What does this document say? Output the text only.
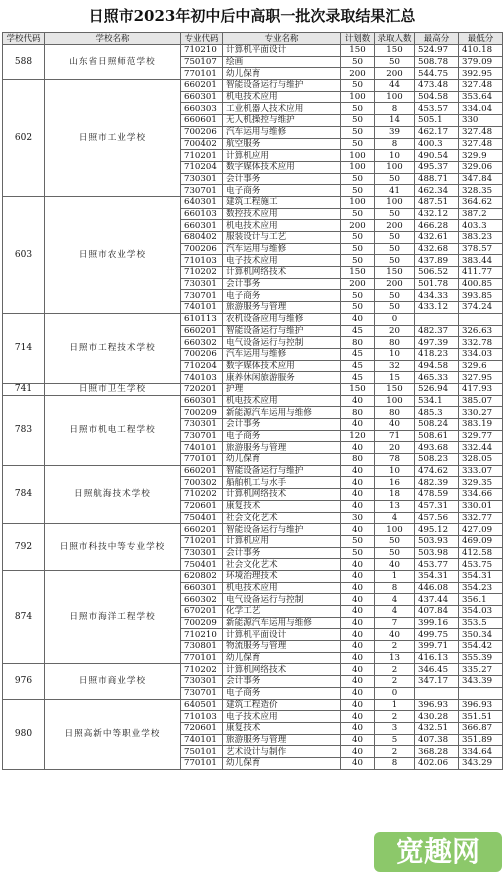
日照市2023年初中后中高职一批次录取结果汇总
学校代码	学校名称	专业代码	专业名称	计划数	录取人数	最高分	最低分
588	山东省日照师范学校	710210	计算机平面设计	150	150	524.97	410.18
		750107	绘画	50	50	508.78	379.09
		770101	幼儿保育	200	200	544.75	392.95
602	日照市工业学校	660201	智能设备运行与维护	50	44	473.48	327.48
		660301	机电技术应用	100	100	504.58	353.64
		660303	工业机器人技术应用	50	8	453.57	334.04
		660601	无人机操控与维护	50	14	505.1	330
		700206	汽车运用与维修	50	39	462.17	327.48
		700402	航空服务	50	8	400.3	327.48
		710201	计算机应用	100	10	490.54	329.9
		710204	数字媒体技术应用	100	100	495.37	329.06
		730301	会计事务	50	50	488.71	347.84
		730701	电子商务	50	41	462.34	328.35
603	日照市农业学校	640301	建筑工程施工	100	100	487.51	364.62
		660103	数控技术应用	50	50	432.12	387.2
		660301	机电技术应用	200	200	466.28	403.3
		680402	服装设计与工艺	50	50	432.61	383.23
		700206	汽车运用与维修	50	50	432.68	378.57
		710103	电子技术应用	50	50	437.89	383.44
		710202	计算机网络技术	150	150	506.52	411.77
		730301	会计事务	200	200	501.78	400.85
		730701	电子商务	50	50	434.33	393.85
		740101	旅游服务与管理	50	50	433.12	374.24
714	日照市工程技术学校	610113	农机设备应用与维修	40	0		
		660201	智能设备运行与维护	45	20	482.37	326.63
		660302	电气设备运行与控制	80	80	497.39	332.78
		700206	汽车运用与维修	45	10	418.23	334.03
		710204	数字媒体技术应用	45	32	494.58	329.6
		740103	康养休闲旅游服务	45	15	465.33	327.95
741	日照市卫生学校	720201	护理	150	150	526.94	417.93
783	日照市机电工程学校	660301	机电技术应用	40	100	534.1	385.07
		700209	新能源汽车运用与维修	80	80	485.3	330.27
		730301	会计事务	40	40	508.24	383.19
		730701	电子商务	120	71	508.61	329.77
		740101	旅游服务与管理	40	20	493.68	332.44
		770101	幼儿保育	80	78	508.23	328.05
784	日照航海技术学校	660201	智能设备运行与维护	40	10	474.62	333.07
		700302	船舶机工与水手	40	16	482.39	329.35
		710202	计算机网络技术	40	18	478.59	334.66
		720601	康复技术	40	13	457.31	330.01
		750401	社会文化艺术	30	4	457.56	332.77
792	日照市科技中等专业学校	660201	智能设备运行与维护	40	100	495.12	427.09
		710201	计算机应用	50	50	503.93	469.09
		730301	会计事务	50	50	503.98	412.58
		750401	社会文化艺术	40	40	453.77	453.75
874	日照市海洋工程学校	620802	环境治理技术	40	1	354.31	354.31
		660301	机电技术应用	40	8	446.08	354.23
		660302	电气设备运行与控制	40	4	437.44	356.1
		670201	化学工艺	40	4	407.84	354.03
		700209	新能源汽车运用与维修	40	7	399.16	353.5
		710210	计算机平面设计	40	40	499.75	350.34
		730801	物流服务与管理	40	2	399.71	354.42
		770101	幼儿保育	40	13	416.13	355.39
976	日照市商业学校	710202	计算机网络技术	40	2	346.45	335.27
		730301	会计事务	40	2	347.17	343.39
		730701	电子商务	40	0		
980	日照高新中等职业学校	640501	建筑工程造价	40	1	396.93	396.93
		710103	电子技术应用	40	2	430.28	351.51
		720601	康复技术	40	3	432.51	366.87
		740101	旅游服务与管理	40	5	407.38	351.89
		750101	艺术设计与制作	40	2	368.28	334.64
		770101	幼儿保育	40	8	402.06	343.29
宽趣网
